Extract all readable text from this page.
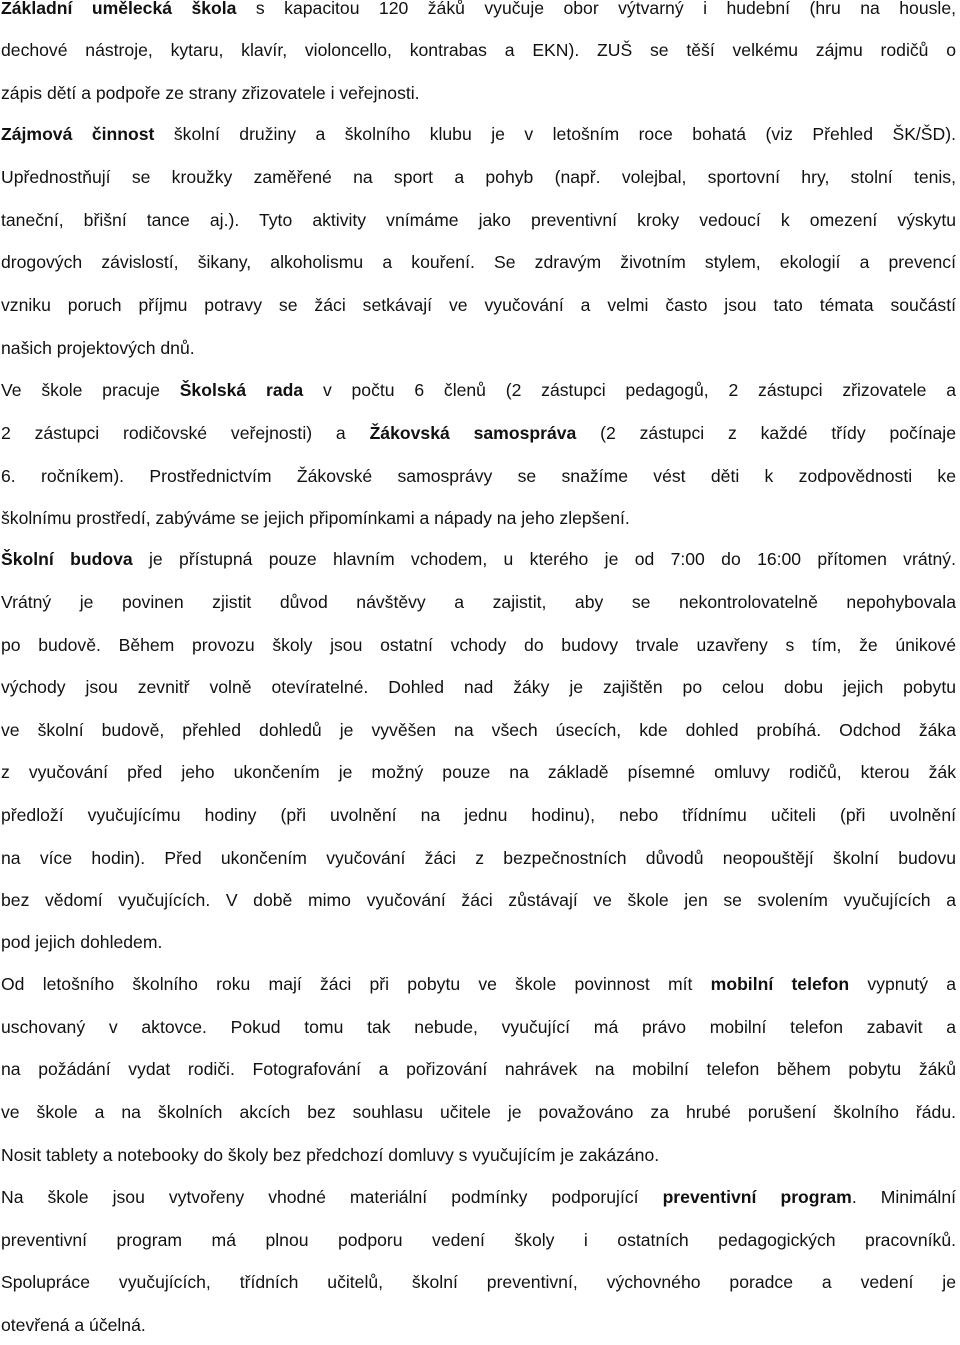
Základní umělecká škola s kapacitou 120 žáků vyučuje obor výtvarný i hudební (hru na housle,
dechové nástroje, kytaru, klavír, violoncello, kontrabas a EKN). ZUŠ se těší velkému zájmu rodičů o
zápis dětí a podpoře ze strany zřizovatele i veřejnosti.
Zájmová činnost školní družiny a školního klubu je v letošním roce bohatá (viz Přehled ŠK/ŠD).
Upřednostňují se kroužky zaměřené na sport a pohyb (např. volejbal, sportovní hry, stolní tenis,
taneční, břišní tance aj.). Tyto aktivity vnímáme jako preventivní kroky vedoucí k omezení výskytu
drogových závislostí, šikany, alkoholismu a kouření. Se zdravým životním stylem, ekologií a prevencí
vzniku poruch příjmu potravy se žáci setkávají ve vyučování a velmi často jsou tato témata součástí
našich projektových dnů.
Ve škole pracuje Školská rada v počtu 6 členů (2 zástupci pedagogů, 2 zástupci zřizovatele a
2 zástupci rodičovské veřejnosti) a Žákovská samospráva (2 zástupci z každé třídy počínaje
6. ročníkem). Prostřednictvím Žákovské samosprávy se snažíme vést děti k zodpovědnosti ke
školnímu prostředí, zabýváme se jejich připomínkami a nápady na jeho zlepšení.
Školní budova je přístupná pouze hlavním vchodem, u kterého je od 7:00 do 16:00 přítomen vrátný.
Vrátný je povinen zjistit důvod návštěvy a zajistit, aby se nekontrolovatelně nepohybovala
po budově. Během provozu školy jsou ostatní vchody do budovy trvale uzavřeny s tím, že únikové
východy jsou zevnitř volně otevíratelné. Dohled nad žáky je zajištěn po celou dobu jejich pobytu
ve školní budově, přehled dohledů je vyvěšen na všech úsecích, kde dohled probíhá. Odchod žáka
z vyučování před jeho ukončením je možný pouze na základě písemné omluvy rodičů, kterou žák
předloží vyučujícímu hodiny (při uvolnění na jednu hodinu), nebo třídnímu učiteli (při uvolnění
na více hodin). Před ukončením vyučování žáci z bezpečnostních důvodů neopouštějí školní budovu
bez vědomí vyučujících. V době mimo vyučování žáci zůstávají ve škole jen se svolením vyučujících a
pod jejich dohledem.
Od letošního školního roku mají žáci při pobytu ve škole povinnost mít mobilní telefon vypnutý a
uschovaný v aktovce. Pokud tomu tak nebude, vyučující má právo mobilní telefon zabavit a
na požádání vydat rodiči. Fotografování a pořizování nahrávek na mobilní telefon během pobytu žáků
ve škole a na školních akcích bez souhlasu učitele je považováno za hrubé porušení školního řádu.
Nosit tablety a notebooky do školy bez předchozí domluvy s vyučujícím je zakázáno.
Na škole jsou vytvořeny vhodné materiální podmínky podporující preventivní program. Minimální
preventivní program má plnou podporu vedení školy i ostatních pedagogických pracovníků.
Spolupráce vyučujících, třídních učitelů, školní preventivní, výchovného poradce a vedení je
otevřená a účelná.
